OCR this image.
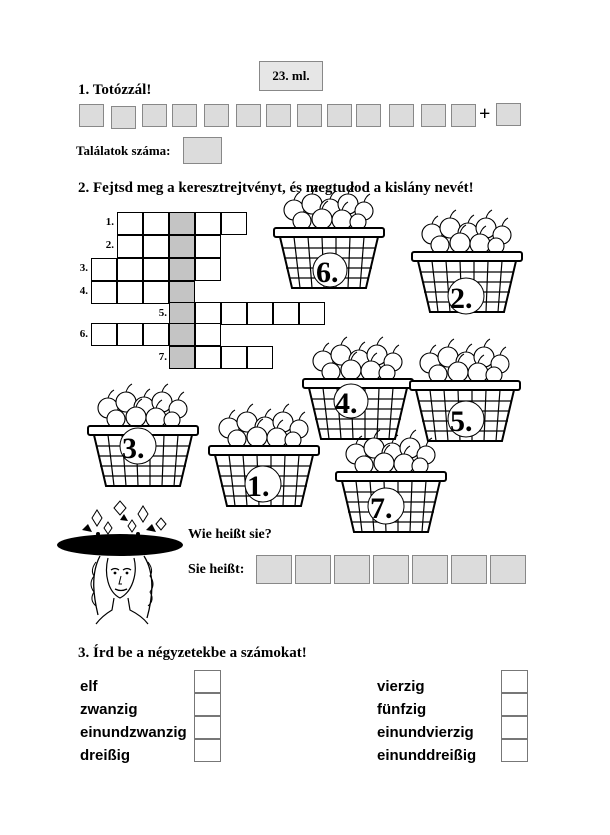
23. ml.
1. Totózzál!
+
Találatok száma:
2. Fejtsd meg a keresztrejtvényt, és megtudod a kislány nevét!
1.
2.
3.
4.
5.
6.
7.
6.
2.
4.
5.
3.
1.
7.
Wie heißt sie?
Sie heißt:
3. Írd be a négyzetekbe a számokat!
elf
zwanzig
einundzwanzig
dreißig
vierzig
fünfzig
einundvierzig
einunddreißig
